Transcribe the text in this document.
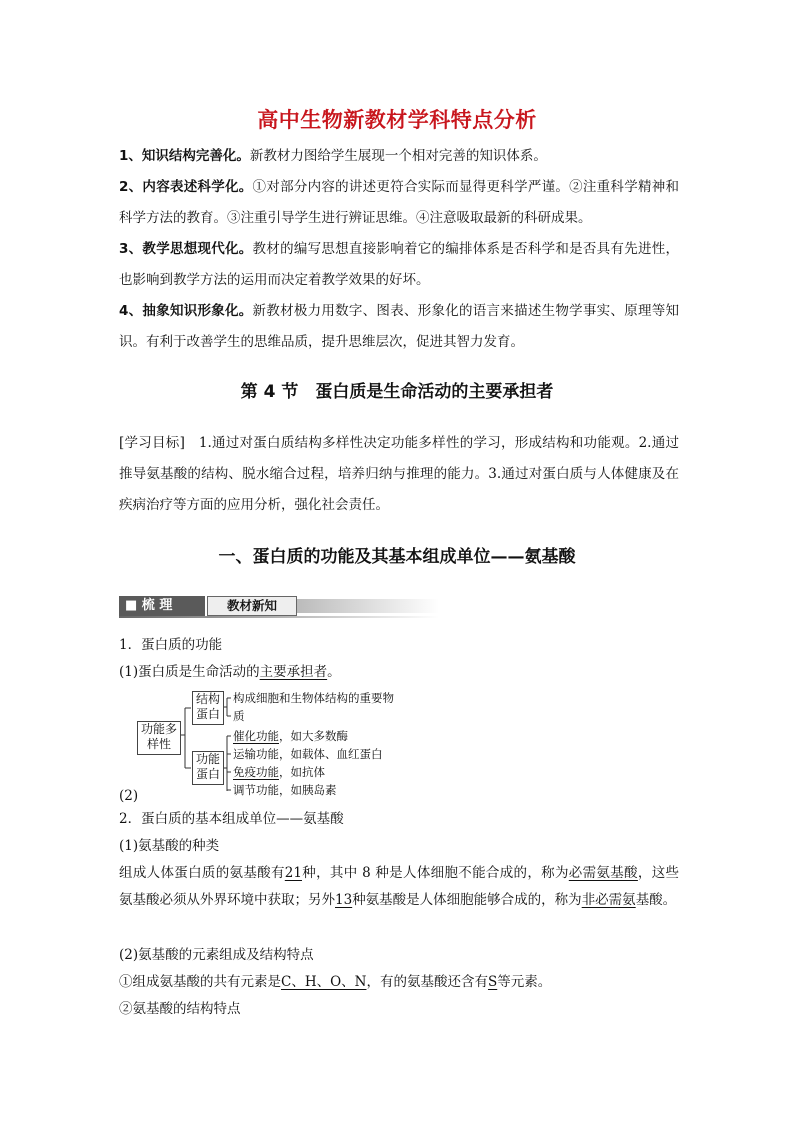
高中生物新教材学科特点分析
1、知识结构完善化。新教材力图给学生展现一个相对完善的知识体系。
2、内容表述科学化。①对部分内容的讲述更符合实际而显得更科学严谨。②注重科学精神和科学方法的教育。③注重引导学生进行辨证思维。④注意吸取最新的科研成果。
3、教学思想现代化。教材的编写思想直接影响着它的编排体系是否科学和是否具有先进性，也影响到教学方法的运用而决定着教学效果的好坏。
4、抽象知识形象化。新教材极力用数字、图表、形象化的语言来描述生物学事实、原理等知识。有利于改善学生的思维品质，提升思维层次，促进其智力发育。
第 4 节　蛋白质是生命活动的主要承担者
[学习目标]　 1.通过对蛋白质结构多样性决定功能多样性的学习，形成结构和功能观。2.通过推导氨基酸的结构、脱水缩合过程，培养归纳与推理的能力。3.通过对蛋白质与人体健康及在疾病治疗等方面的应用分析，强化社会责任。
一、蛋白质的功能及其基本组成单位——氨基酸
■ 梳 理	教材新知
1．蛋白质的功能
(1)蛋白质是生命活动的主要承担者。
功能多样性
结构蛋白
构成细胞和生物体结构的重要物质
功能蛋白
催化功能，如大多数酶
运输功能，如载体、血红蛋白
免疫功能，如抗体
调节功能，如胰岛素
(2)
2．蛋白质的基本组成单位——氨基酸
(1)氨基酸的种类
组成人体蛋白质的氨基酸有21种，其中 8 种是人体细胞不能合成的，称为必需氨基酸，这些氨基酸必须从外界环境中获取；另外13种氨基酸是人体细胞能够合成的，称为非必需氨基酸。
(2)氨基酸的元素组成及结构特点
①组成氨基酸的共有元素是C、H、O、N，有的氨基酸还含有S等元素。
②氨基酸的结构特点
